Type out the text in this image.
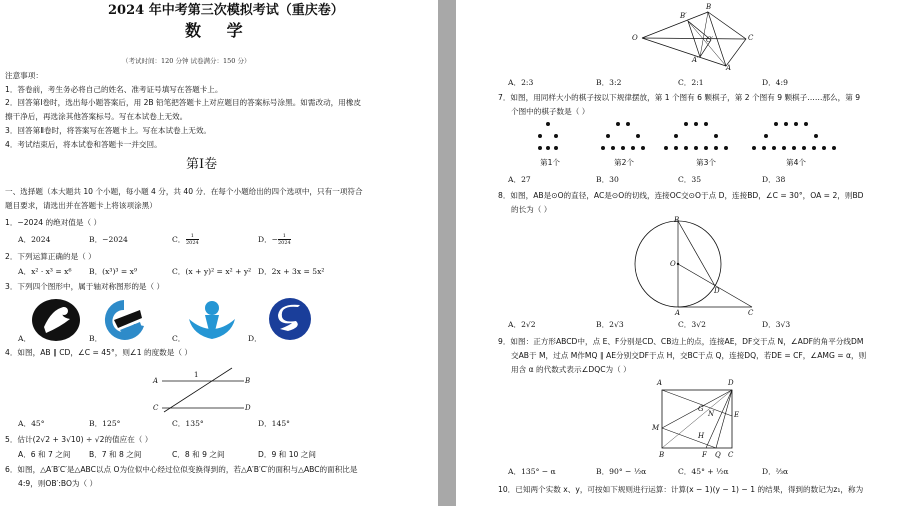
2024 年中考第三次模拟考试（重庆卷）
数 学
（考试时间：120 分钟 试卷满分：150 分）
注意事项：
1．答卷前，考生务必将自己的姓名、准考证号填写在答题卡上。
2．回答第Ⅰ卷时，选出每小题答案后，用 2B 铅笔把答题卡上对应题目的答案标号涂黑。如需改动，用橡皮
擦干净后，再选涂其他答案标号。写在本试卷上无效。
3．回答第Ⅱ卷时，将答案写在答题卡上。写在本试卷上无效。
4．考试结束后，将本试卷和答题卡一并交回。
第Ⅰ卷
一、选择题（本大题共 10 个小题，每小题 4 分，共 40 分．在每个小题给出的四个选项中，只有一项符合
题目要求，请选出并在答题卡上将该项涂黑）
1．−2024 的绝对值是（ ）
A．2024	B．−2024	C． $\frac{1}{2024}$	D．− $\frac{1}{2024}$
2．下列运算正确的是（ ）
A．x² · x³ = x⁶ B．(x³)³ = x⁹	C．(x + y)² = x² + y² D．2x + 3x = 5x²
3．下列四个图形中，属于轴对称图形的是（ ）
A．	B．	C．	D．
4．如图，AB ∥ CD，∠C = 45°，则∠1 的度数是（ ）
A	B
C	D
1
A．45°	B．125°	C．135°	D．145°
5．估计(2√2 + 3√10) ÷ √2的值应在（ ）
A．6 和 7 之间 B．7 和 8 之间	C．8 和 9 之间	D．9 和 10 之间
6．如图，△A′B′C′是△ABC以点 O为位似中心经过位似变换得到的，若△A′B′C′的面积与△ABC的面积比是
4:9，则OB′:BO为（ ）
O
B
B′
C
C′
A′
A
A．2:3	B．3:2	C．2:1	D．4:9
7．如图，用同样大小的棋子按以下规律摆放，第 1 个图有 6 颗棋子，第 2 个图有 9 颗棋子……那么，第 9
个图中的棋子数是（ ）
第1个	第2个	第3个	第4个
A．27	B．30	C．35	D．38
8．如图，AB是⊙O的直径，AC是⊙O的切线，连接OC交⊙O于点 D，连接BD，∠C = 30°，OA = 2，则BD
的长为（ ）
B
O
D
A	C
A．2√2	B．2√3	C．3√2	D．3√3
9．如图：正方形ABCD中，点 E、F分别是CD、CB边上的点，连接AE，DF交于点 N，∠ADF的角平分线DM
交AB于 M，过点 M作MQ ∥ AE分别交DF于点 H，交BC于点 Q，连接DQ，若DE = CF，∠AMG = α，则
用含 α 的代数式表示∠DQC为（ ）
A	D
G
N	E
M
H
B	F Q C
A．135° − α	B．90° − ½α	C．45° + ½α	D．⅔α
10．已知两个实数 x、y，可按如下规则进行运算：计算(x − 1)(y − 1) − 1 的结果，得到的数记为z₁，称为
